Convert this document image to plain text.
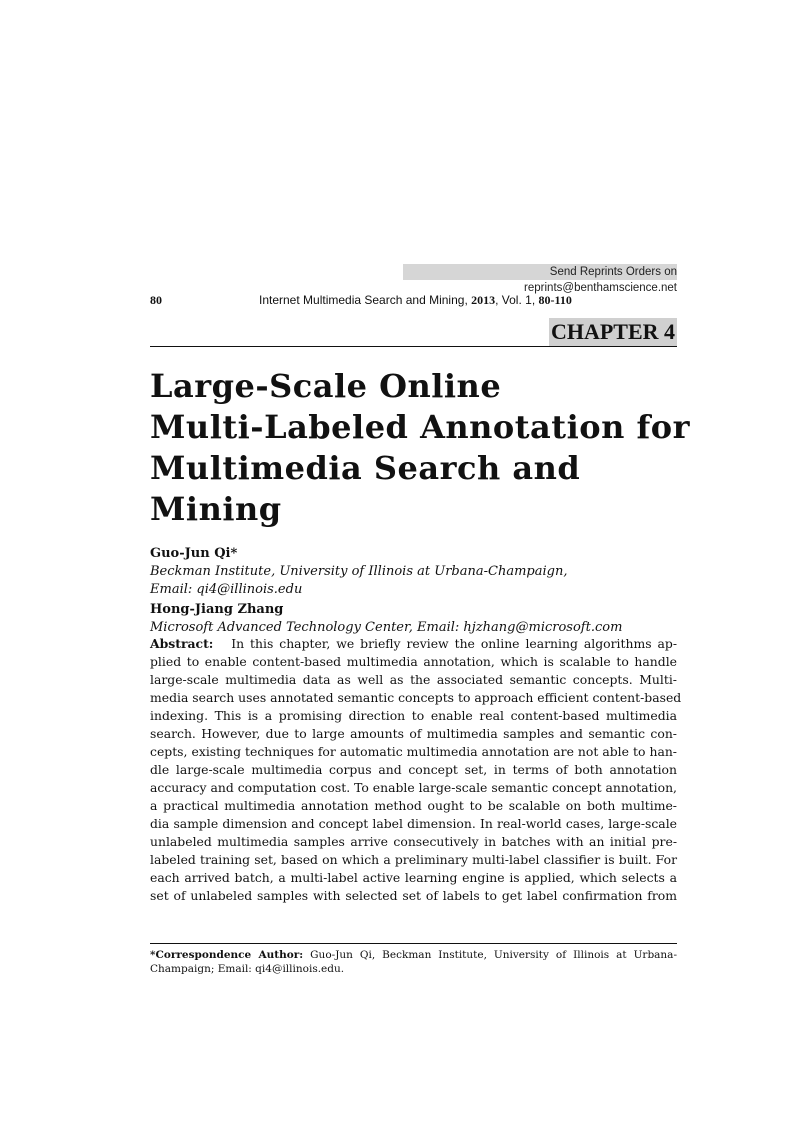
Send Reprints Orders on reprints@benthamscience.net
80	Internet Multimedia Search and Mining, 2013, Vol. 1, 80-110
CHAPTER 4
Large-Scale Online
Multi-Labeled Annotation for
Multimedia Search and Mining
Guo-Jun Qi*
Beckman Institute, University of Illinois at Urbana-Champaign,
Email: qi4@illinois.edu
Hong-Jiang Zhang
Microsoft Advanced Technology Center, Email: hjzhang@microsoft.com
Abstract: In this chapter, we briefly review the online learning algorithms ap-
plied to enable content-based multimedia annotation, which is scalable to handle
large-scale multimedia data as well as the associated semantic concepts. Multi-
media search uses annotated semantic concepts to approach efficient content-based
indexing. This is a promising direction to enable real content-based multimedia
search. However, due to large amounts of multimedia samples and semantic con-
cepts, existing techniques for automatic multimedia annotation are not able to han-
dle large-scale multimedia corpus and concept set, in terms of both annotation
accuracy and computation cost. To enable large-scale semantic concept annotation,
a practical multimedia annotation method ought to be scalable on both multime-
dia sample dimension and concept label dimension. In real-world cases, large-scale
unlabeled multimedia samples arrive consecutively in batches with an initial pre-
labeled training set, based on which a preliminary multi-label classifier is built. For
each arrived batch, a multi-label active learning engine is applied, which selects a
set of unlabeled samples with selected set of labels to get label confirmation from
*Correspondence Author: Guo-Jun Qi, Beckman Institute, University of Illinois at Urbana-
Champaign; Email: qi4@illinois.edu.
